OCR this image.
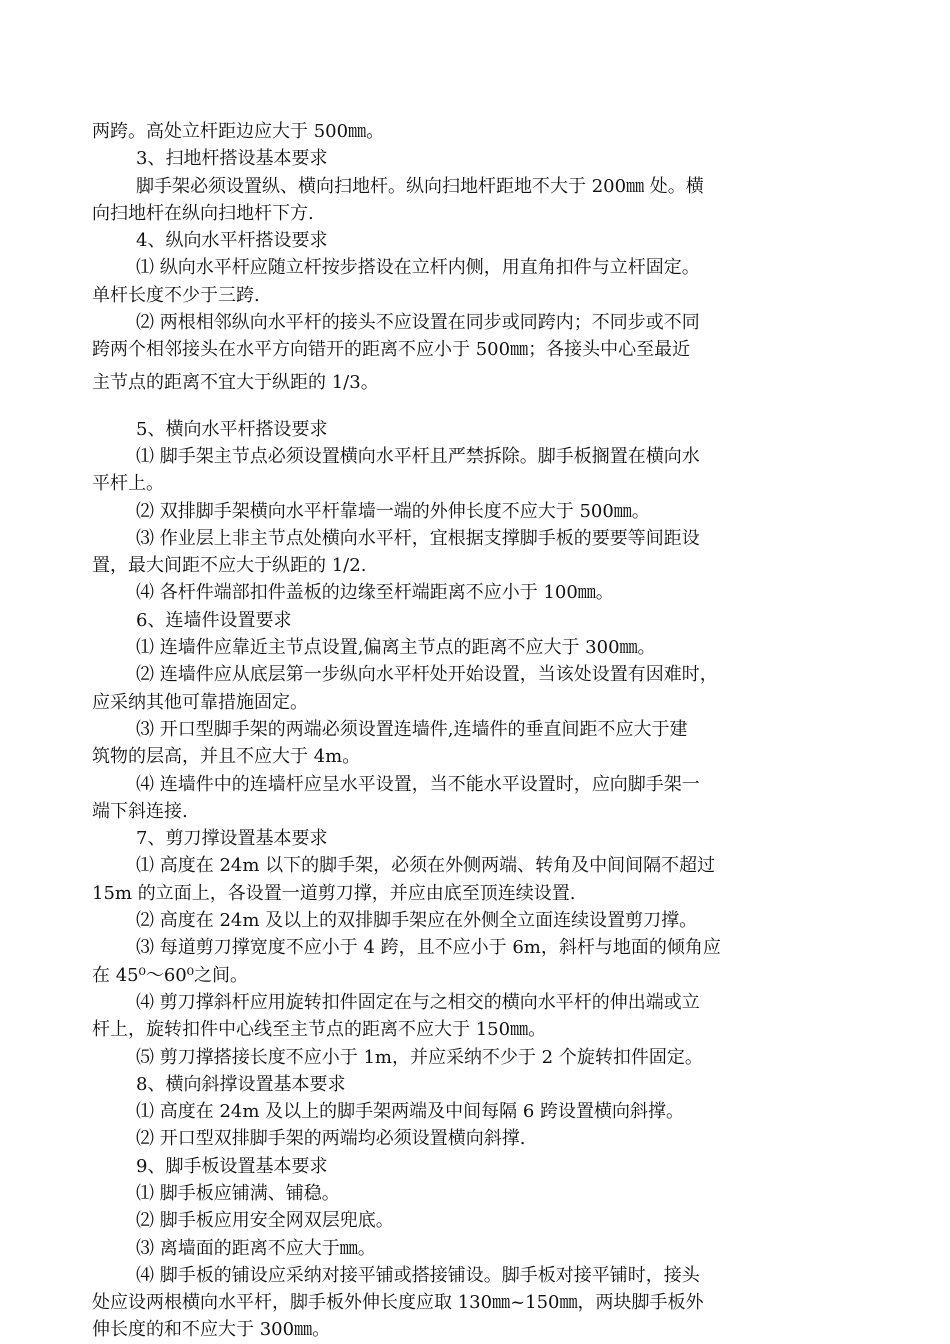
两跨。高处立杆距边应大于 500㎜。
3、扫地杆搭设基本要求
脚手架必须设置纵、横向扫地杆。纵向扫地杆距地不大于 200㎜ 处。横
向扫地杆在纵向扫地杆下方.
4、纵向水平杆搭设要求
⑴ 纵向水平杆应随立杆按步搭设在立杆内侧，用直角扣件与立杆固定。
单杆长度不少于三跨.
⑵ 两根相邻纵向水平杆的接头不应设置在同步或同跨内；不同步或不同
跨两个相邻接头在水平方向错开的距离不应小于 500㎜；各接头中心至最近
主节点的距离不宜大于纵距的 1/3。
5、横向水平杆搭设要求
⑴ 脚手架主节点必须设置横向水平杆且严禁拆除。脚手板搁置在横向水
平杆上。
⑵ 双排脚手架横向水平杆靠墙一端的外伸长度不应大于 500㎜。
⑶ 作业层上非主节点处横向水平杆，宜根据支撑脚手板的要要等间距设
置，最大间距不应大于纵距的 1/2.
⑷ 各杆件端部扣件盖板的边缘至杆端距离不应小于 100㎜。
6、连墙件设置要求
⑴ 连墙件应靠近主节点设置,偏离主节点的距离不应大于 300㎜。
⑵ 连墙件应从底层第一步纵向水平杆处开始设置，当该处设置有因难时，
应采纳其他可靠措施固定。
⑶ 开口型脚手架的两端必须设置连墙件,连墙件的垂直间距不应大于建
筑物的层高，并且不应大于 4m。
⑷ 连墙件中的连墙杆应呈水平设置，当不能水平设置时，应向脚手架一
端下斜连接.
7、剪刀撑设置基本要求
⑴ 高度在 24m 以下的脚手架，必须在外侧两端、转角及中间间隔不超过
15m 的立面上，各设置一道剪刀撑，并应由底至顶连续设置.
⑵ 高度在 24m 及以上的双排脚手架应在外侧全立面连续设置剪刀撑。
⑶ 每道剪刀撑宽度不应小于 4 跨，且不应小于 6m，斜杆与地面的倾角应
在 45⁰～60⁰之间。
⑷ 剪刀撑斜杆应用旋转扣件固定在与之相交的横向水平杆的伸出端或立
杆上，旋转扣件中心线至主节点的距离不应大于 150㎜。
⑸ 剪刀撑搭接长度不应小于 1m，并应采纳不少于 2 个旋转扣件固定。
8、横向斜撑设置基本要求
⑴ 高度在 24m 及以上的脚手架两端及中间每隔 6 跨设置横向斜撑。
⑵ 开口型双排脚手架的两端均必须设置横向斜撑.
9、脚手板设置基本要求
⑴ 脚手板应铺满、铺稳。
⑵ 脚手板应用安全网双层兜底。
⑶ 离墙面的距离不应大于㎜。
⑷ 脚手板的铺设应采纳对接平铺或搭接铺设。脚手板对接平铺时，接头
处应设两根横向水平杆，脚手板外伸长度应取 130㎜~150㎜，两块脚手板外
伸长度的和不应大于 300㎜。
